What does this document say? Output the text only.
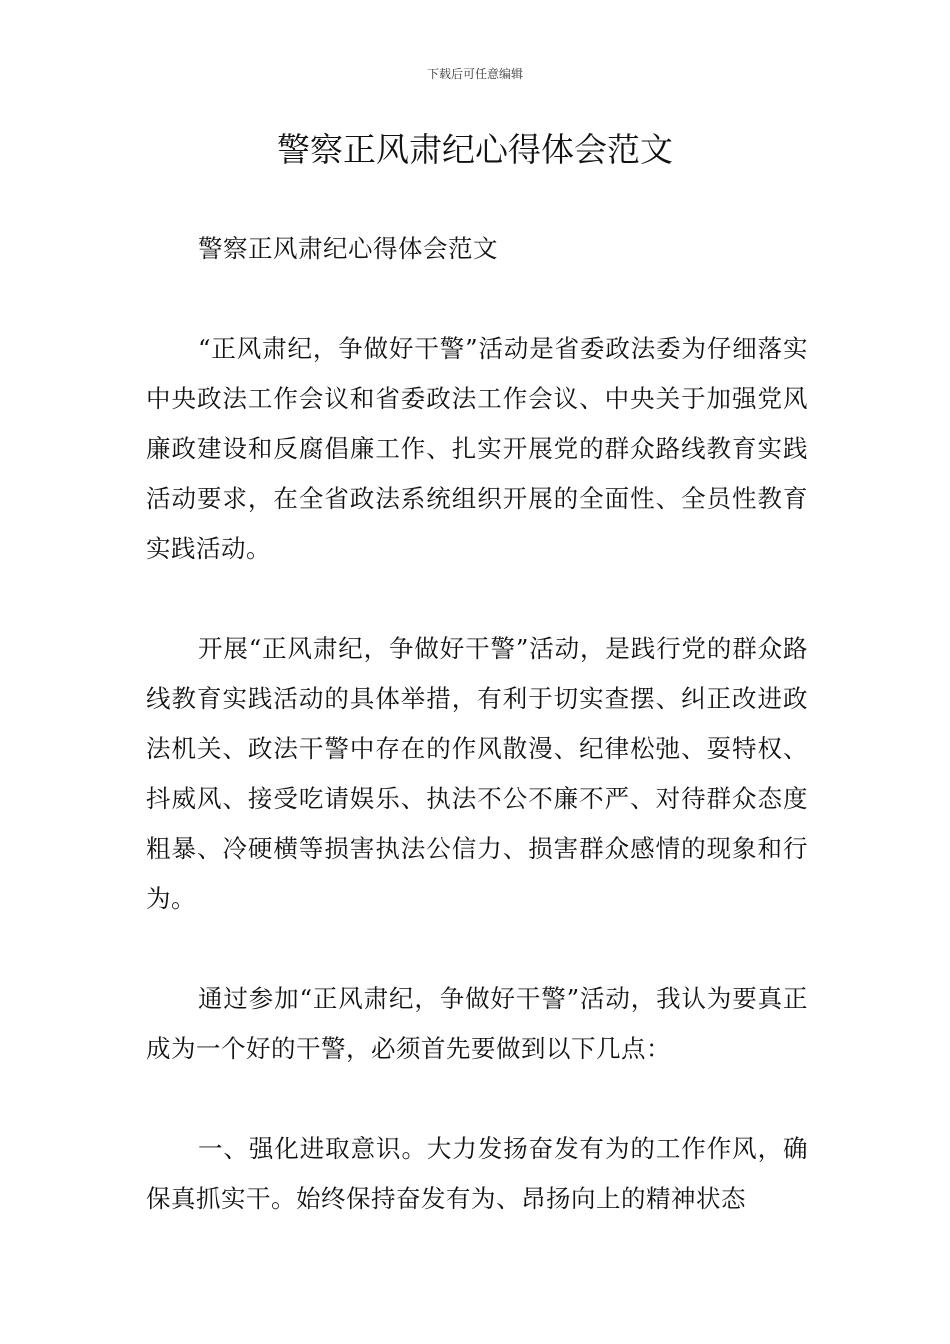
下载后可任意编辑
警察正风肃纪心得体会范文

警察正风肃纪心得体会范文

“正风肃纪，争做好干警”活动是省委政法委为仔细落实中央政法工作会议和省委政法工作会议、中央关于加强党风廉政建设和反腐倡廉工作、扎实开展党的群众路线教育实践活动要求，在全省政法系统组织开展的全面性、全员性教育实践活动。

开展“正风肃纪，争做好干警”活动，是践行党的群众路线教育实践活动的具体举措，有利于切实查摆、纠正改进政法机关、政法干警中存在的作风散漫、纪律松弛、耍特权、抖威风、接受吃请娱乐、执法不公不廉不严、对待群众态度粗暴、冷硬横等损害执法公信力、损害群众感情的现象和行为。

通过参加“正风肃纪，争做好干警”活动，我认为要真正成为一个好的干警，必须首先要做到以下几点：

一、强化进取意识。大力发扬奋发有为的工作作风，确保真抓实干。始终保持奋发有为、昂扬向上的精神状态
